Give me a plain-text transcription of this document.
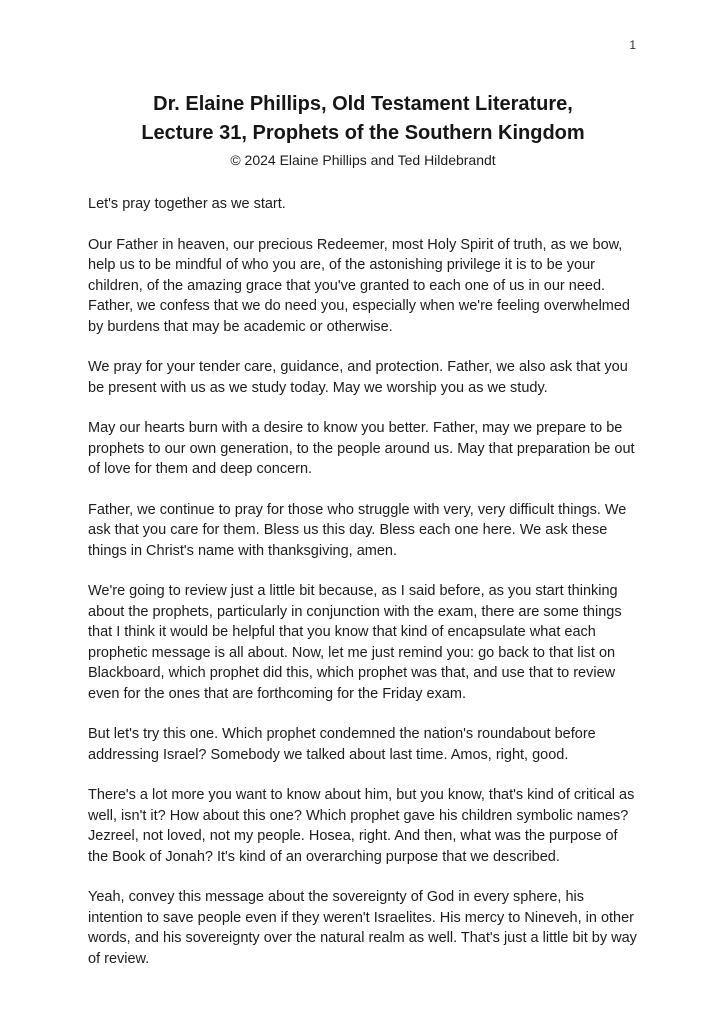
1
Dr. Elaine Phillips, Old Testament Literature,
Lecture 31, Prophets of the Southern Kingdom
© 2024 Elaine Phillips and Ted Hildebrandt

Let's pray together as we start.

Our Father in heaven, our precious Redeemer, most Holy Spirit of truth, as we bow, help us to be mindful of who you are, of the astonishing privilege it is to be your children, of the amazing grace that you've granted to each one of us in our need. Father, we confess that we do need you, especially when we're feeling overwhelmed by burdens that may be academic or otherwise.

We pray for your tender care, guidance, and protection. Father, we also ask that you be present with us as we study today. May we worship you as we study.

May our hearts burn with a desire to know you better. Father, may we prepare to be prophets to our own generation, to the people around us. May that preparation be out of love for them and deep concern.

Father, we continue to pray for those who struggle with very, very difficult things. We ask that you care for them. Bless us this day. Bless each one here. We ask these things in Christ's name with thanksgiving, amen.

We're going to review just a little bit because, as I said before, as you start thinking about the prophets, particularly in conjunction with the exam, there are some things that I think it would be helpful that you know that kind of encapsulate what each prophetic message is all about. Now, let me just remind you: go back to that list on Blackboard, which prophet did this, which prophet was that, and use that to review even for the ones that are forthcoming for the Friday exam.

But let's try this one. Which prophet condemned the nation's roundabout before addressing Israel? Somebody we talked about last time. Amos, right, good.

There's a lot more you want to know about him, but you know, that's kind of critical as well, isn't it? How about this one? Which prophet gave his children symbolic names? Jezreel, not loved, not my people. Hosea, right. And then, what was the purpose of the Book of Jonah? It's kind of an overarching purpose that we described.

Yeah, convey this message about the sovereignty of God in every sphere, his intention to save people even if they weren't Israelites. His mercy to Nineveh, in other words, and his sovereignty over the natural realm as well. That's just a little bit by way of review.
